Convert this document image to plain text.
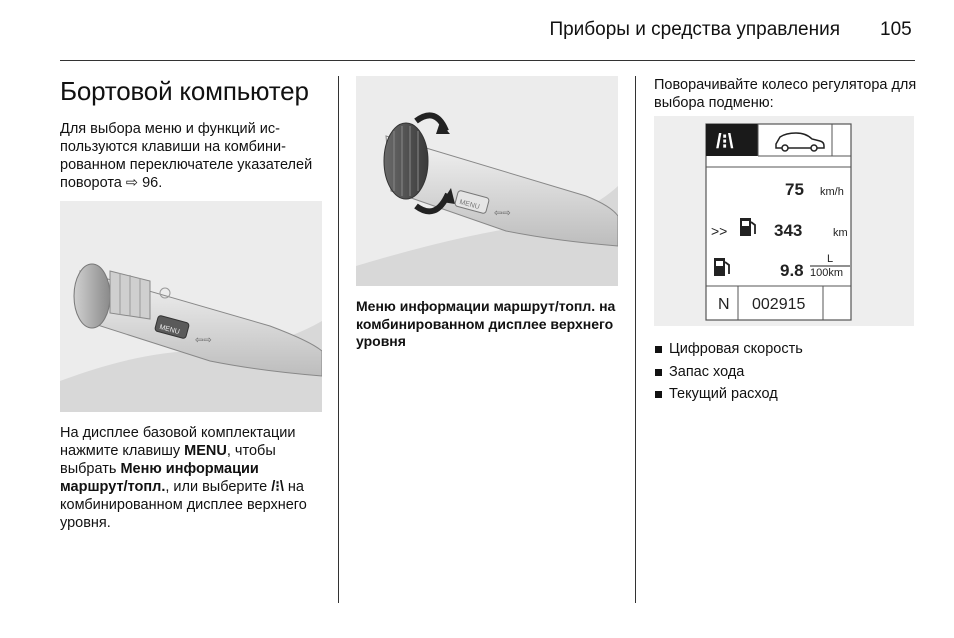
Приборы и средства управления 105
Бортовой компьютер

Для выбора меню и функций используются клавиши на комбинированном переключателе указателей поворота ⇨ 96.

MENU
⇦⇨

На дисплее базовой комплектации нажмите клавишу MENU, чтобы выбрать Меню информации маршрут/топл., или выберите /⁝\ на комбинированном дисплее верхнего уровня.

MENU
⇦⇨

Меню информации маршрут/топл. на комбинированном дисплее верхнего уровня

Поворачивайте колесо регулятора для выбора подменю:

/⁝\
75 km/h
>>	343	km
9.8
L
100km
N 002915
Цифровая скорость
Запас хода
Текущий расход
